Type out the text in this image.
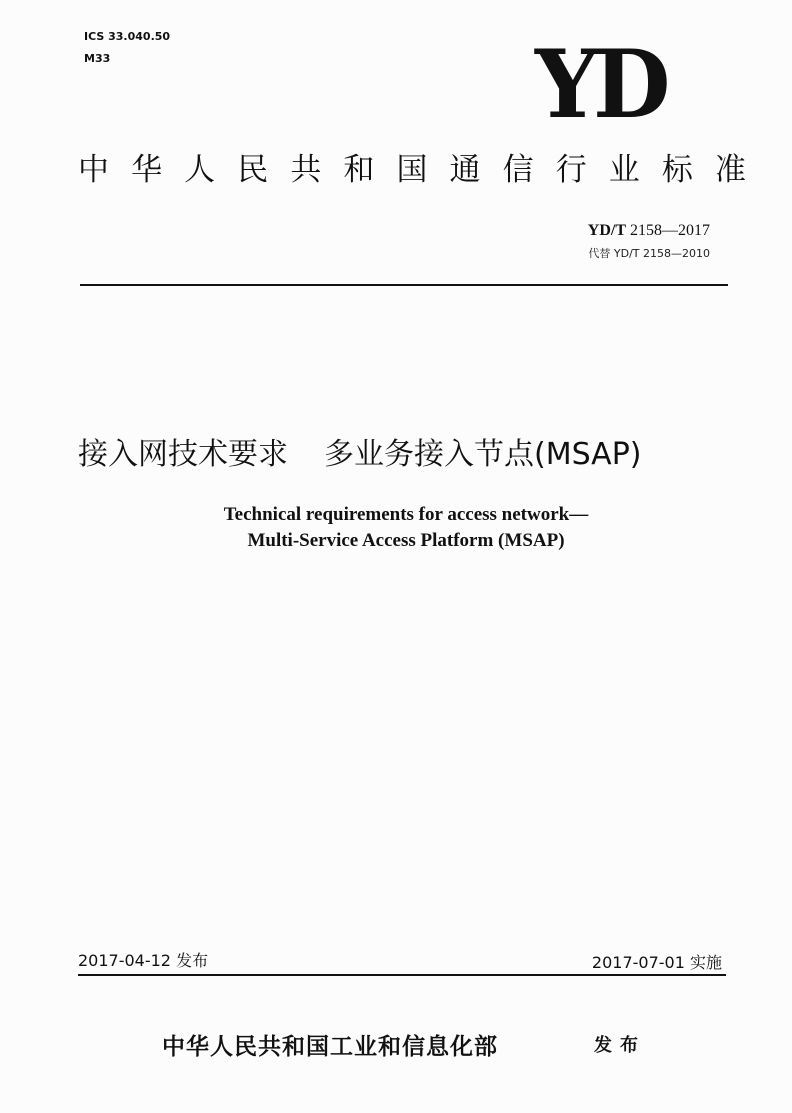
ICS 33.040.50
M33	YD
中 华 人 民 共 和 国 通 信 行 业 标 准
YD/T 2158—2017
代替 YD/T 2158—2010
接入网技术要求 多业务接入节点(MSAP)
Technical requirements for access network—
Multi-Service Access Platform (MSAP)
2017-04-12 发布	2017-07-01 实施
中华人民共和国工业和信息化部	发布
